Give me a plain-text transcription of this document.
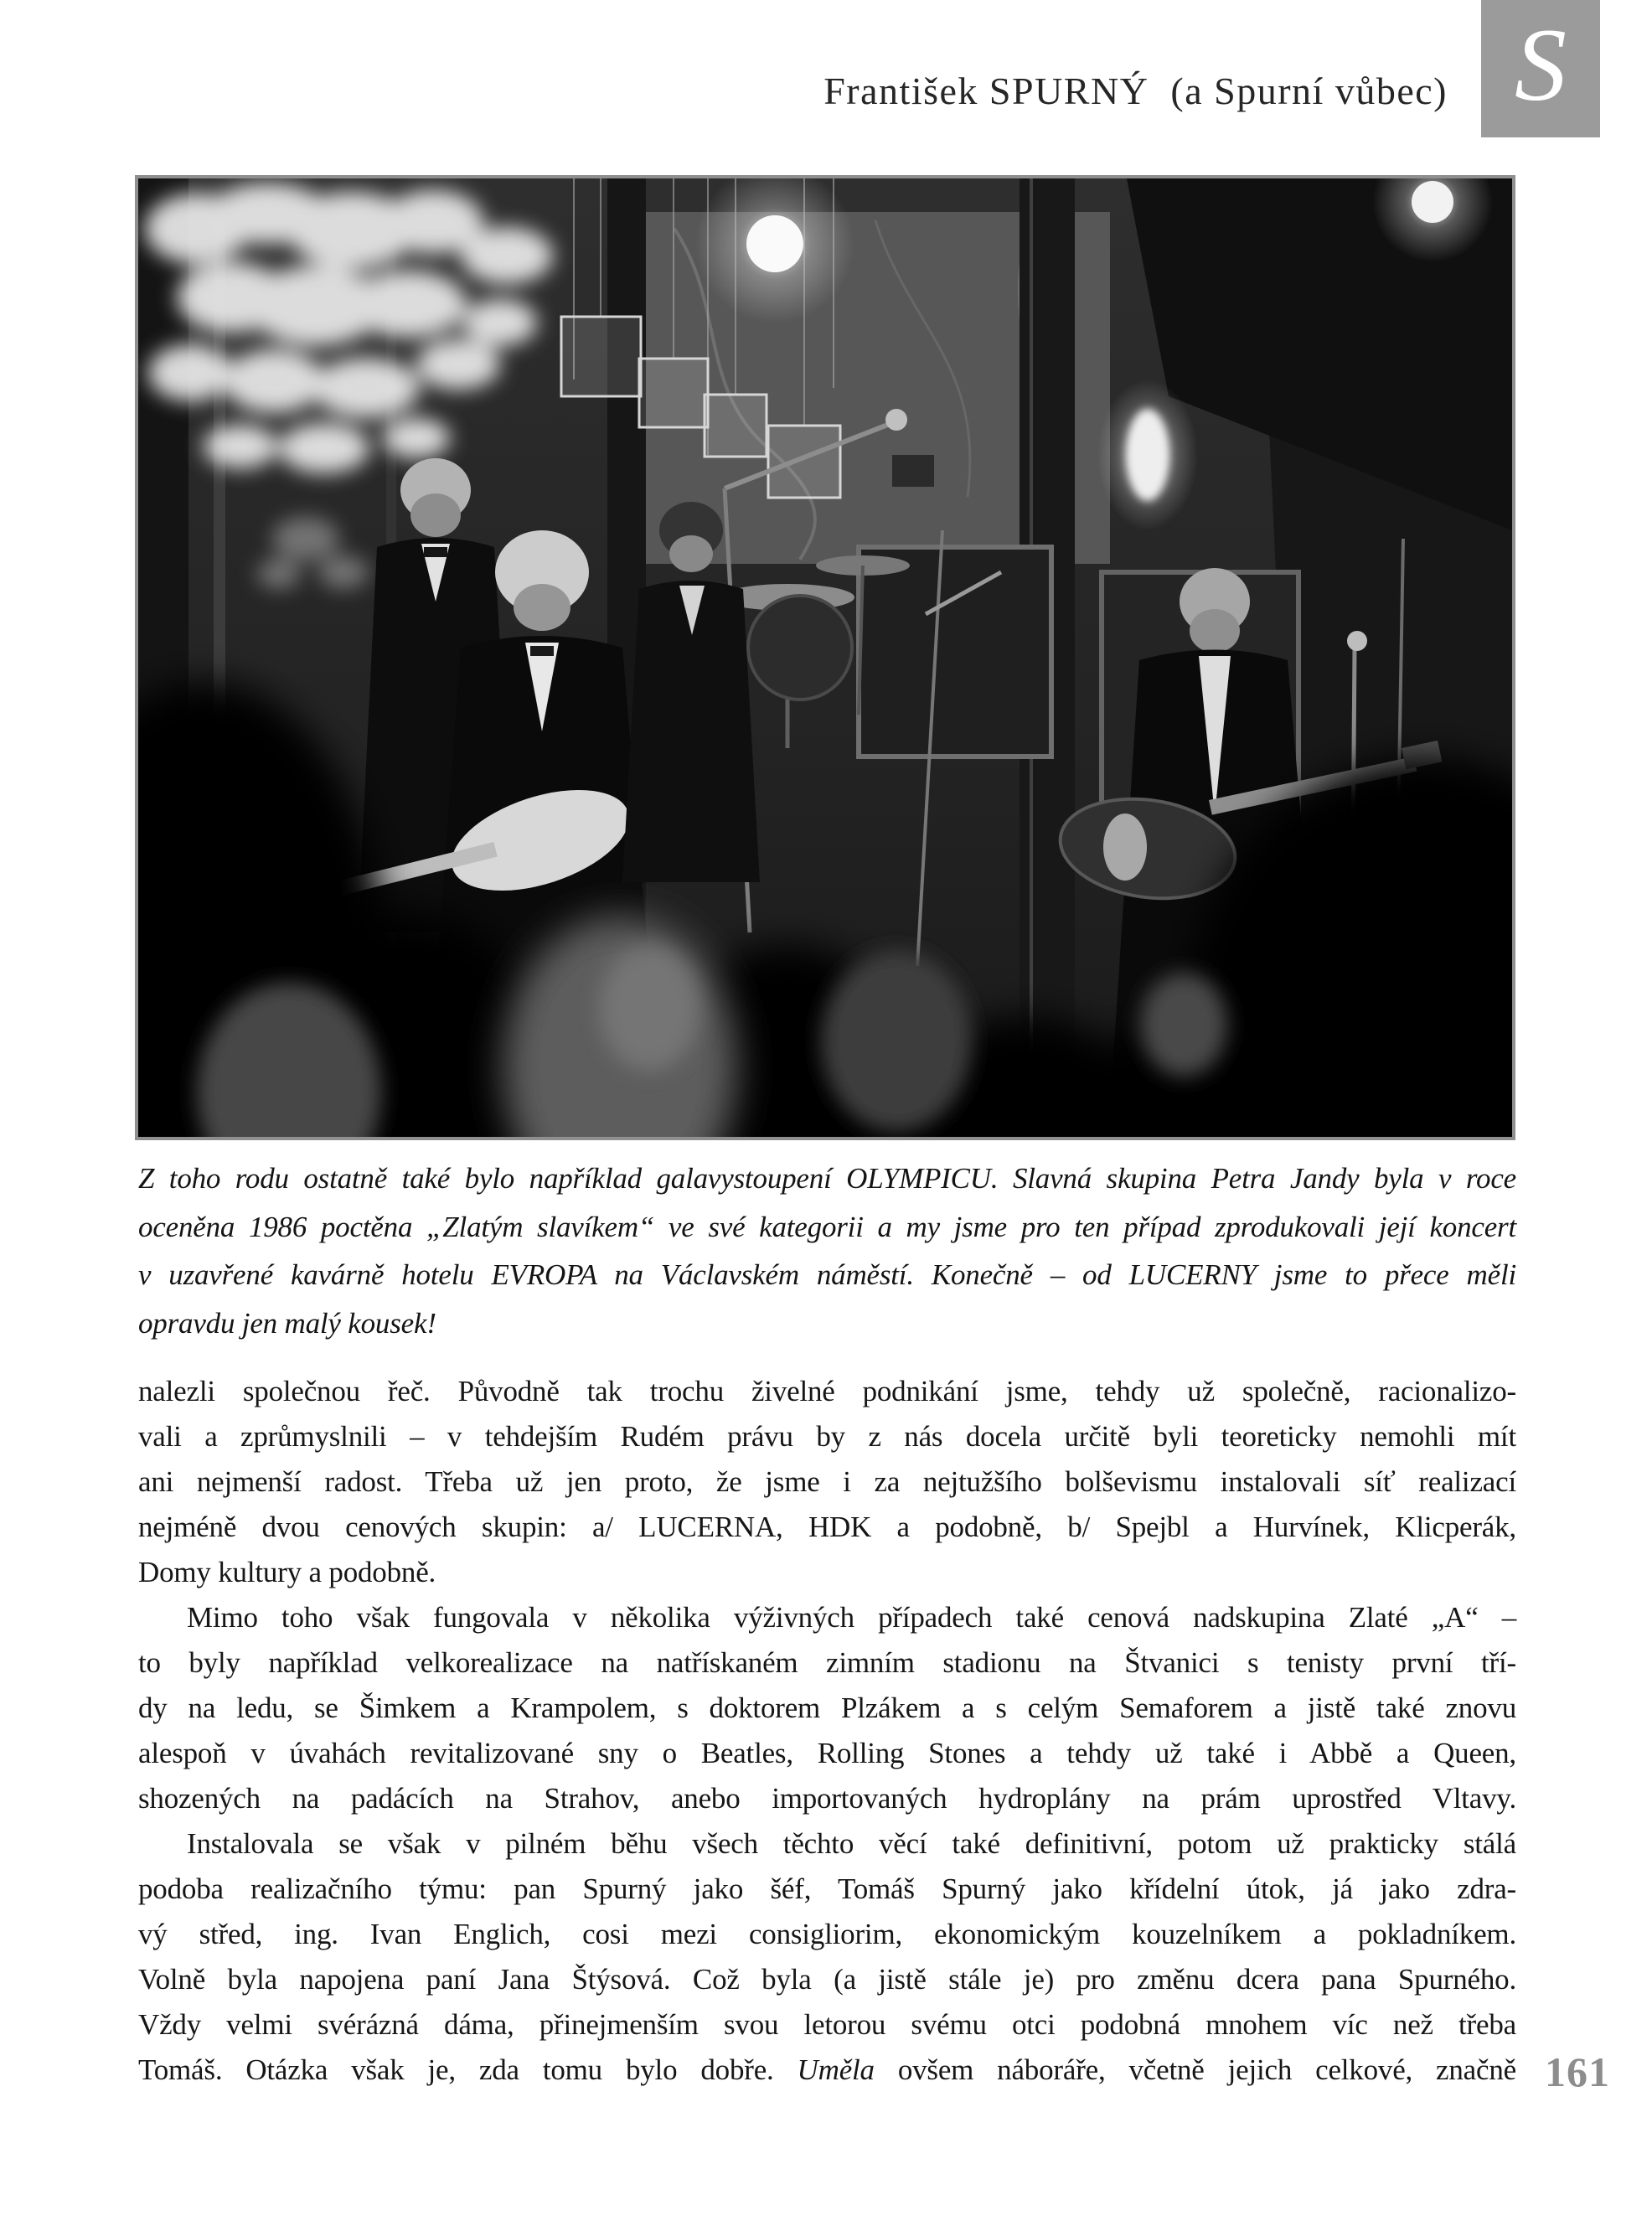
František SPURNÝ  (a Spurní vůbec) S
Z toho rodu ostatně také bylo například galavystoupení OLYMPICU. Slavná skupina Petra Jandy byla v roce
oceněna 1986 poctěna „Zlatým slavíkem“ ve své kategorii a my jsme pro ten případ zprodukovali její koncert
v uzavřené kavárně hotelu EVROPA na Václavském náměstí. Konečně – od LUCERNY jsme to přece měli
opravdu jen malý kousek!
nalezli společnou řeč. Původně tak trochu živelné podnikání jsme, tehdy už společně, racionalizo-
vali a zprůmyslnili – v tehdejším Rudém právu by z nás docela určitě byli teoreticky nemohli mít
ani nejmenší radost. Třeba už jen proto, že jsme i za nejtužšího bolševismu instalovali síť realizací
nejméně dvou cenových skupin: a/ LUCERNA, HDK a podobně, b/ Spejbl a Hurvínek, Klicperák,
Domy kultury a podobně.
Mimo toho však fungovala v několika výživných případech také cenová nadskupina Zlaté „A“ –
to byly například velkorealizace na natřískaném zimním stadionu na Štvanici s tenisty první tří-
dy na ledu, se Šimkem a Krampolem, s doktorem Plzákem a s celým Semaforem a jistě také znovu
alespoň v úvahách revitalizované sny o Beatles, Rolling Stones a tehdy už také i Abbě a Queen,
shozených na padácích na Strahov, anebo importovaných hydroplány na prám uprostřed Vltavy.
Instalovala se však v pilném běhu všech těchto věcí také definitivní, potom už prakticky stálá
podoba realizačního týmu: pan Spurný jako šéf, Tomáš Spurný jako křídelní útok, já jako zdra-
vý střed, ing. Ivan Englich, cosi mezi consigliorim, ekonomickým kouzelníkem a pokladníkem.
Volně byla napojena paní Jana Štýsová. Což byla (a jistě stále je) pro změnu dcera pana Spurného.
Vždy velmi svérázná dáma, přinejmenším svou letorou svému otci podobná mnohem víc než třeba
Tomáš. Otázka však je, zda tomu bylo dobře. Uměla ovšem náboráře, včetně jejich celkové, značně 161
